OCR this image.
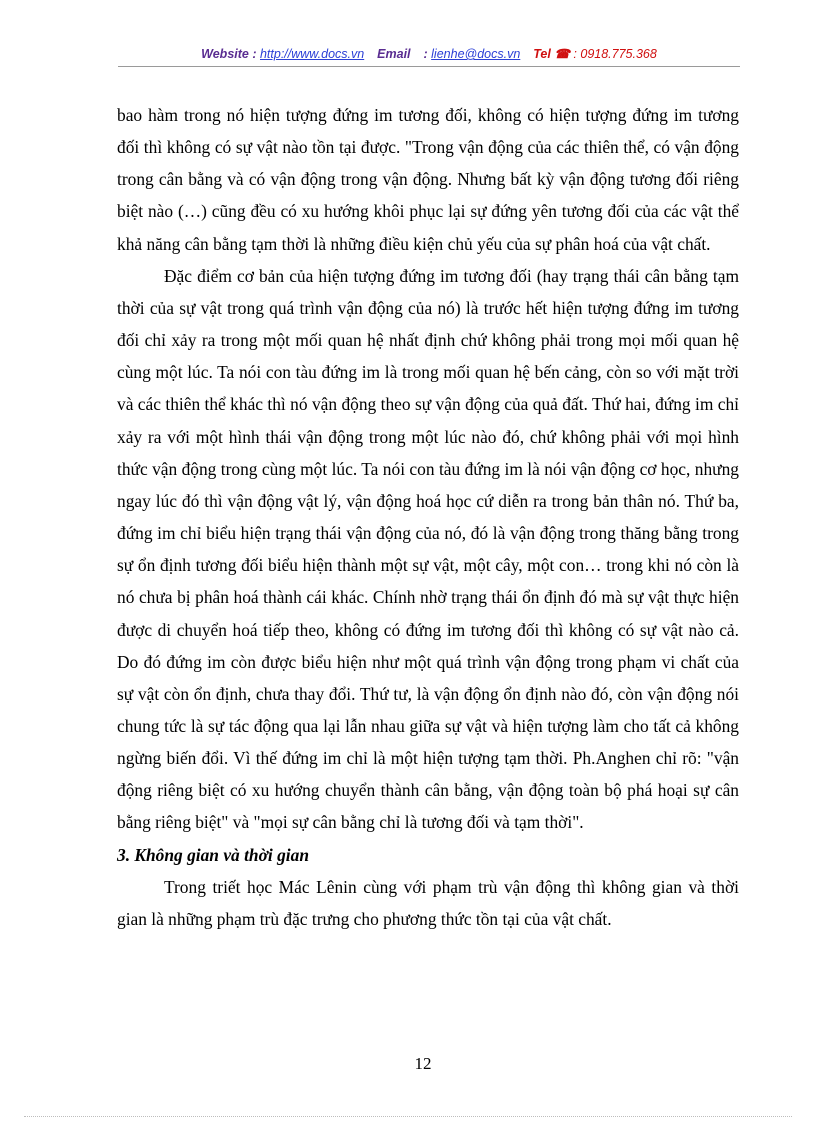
Website : http://www.docs.vn Email : lienhe@docs.vn Tel ☎ : 0918.775.368

bao hàm trong nó hiện tượng đứng im tương đối, không có hiện tượng đứng im tương đối thì không có sự vật nào tồn tại được. "Trong vận động của các thiên thể, có vận động trong cân bằng và có vận động trong vận động. Nhưng bất kỳ vận động tương đối riêng biệt nào (…) cũng đều có xu hướng khôi phục lại sự đứng yên tương đối của các vật thể khả năng cân bằng tạm thời là những điều kiện chủ yếu của sự phân hoá của vật chất.

Đặc điểm cơ bản của hiện tượng đứng im tương đối (hay trạng thái cân bằng tạm thời của sự vật trong quá trình vận động của nó) là trước hết hiện tượng đứng im tương đối chỉ xảy ra trong một mối quan hệ nhất định chứ không phải trong mọi mối quan hệ cùng một lúc. Ta nói con tàu đứng im là trong mối quan hệ bến cảng, còn so với mặt trời và các thiên thể khác thì nó vận động theo sự vận động của quả đất. Thứ hai, đứng im chỉ xảy ra với một hình thái vận động trong một lúc nào đó, chứ không phải với mọi hình thức vận động trong cùng một lúc. Ta nói con tàu đứng im là nói vận động cơ học, nhưng ngay lúc đó thì vận động vật lý, vận động hoá học cứ diễn ra trong bản thân nó. Thứ ba, đứng im chỉ biểu hiện trạng thái vận động của nó, đó là vận động trong thăng bằng trong sự ổn định tương đối biểu hiện thành một sự vật, một cây, một con… trong khi nó còn là nó chưa bị phân hoá thành cái khác. Chính nhờ trạng thái ổn định đó mà sự vật thực hiện được di chuyển hoá tiếp theo, không có đứng im tương đối thì không có sự vật nào cả. Do đó đứng im còn được biểu hiện như một quá trình vận động trong phạm vi chất của sự vật còn ổn định, chưa thay đổi. Thứ tư, là vận động ổn định nào đó, còn vận động nói chung tức là sự tác động qua lại lẫn nhau giữa sự vật và hiện tượng làm cho tất cả không ngừng biến đổi. Vì thế đứng im chỉ là một hiện tượng tạm thời. Ph.Anghen chỉ rõ: "vận động riêng biệt có xu hướng chuyển thành cân bằng, vận động toàn bộ phá hoại sự cân bằng riêng biệt" và "mọi sự cân bằng chỉ là tương đối và tạm thời".

3. Không gian và thời gian

Trong triết học Mác Lênin cùng với phạm trù vận động thì không gian và thời gian là những phạm trù đặc trưng cho phương thức tồn tại của vật chất.

12
